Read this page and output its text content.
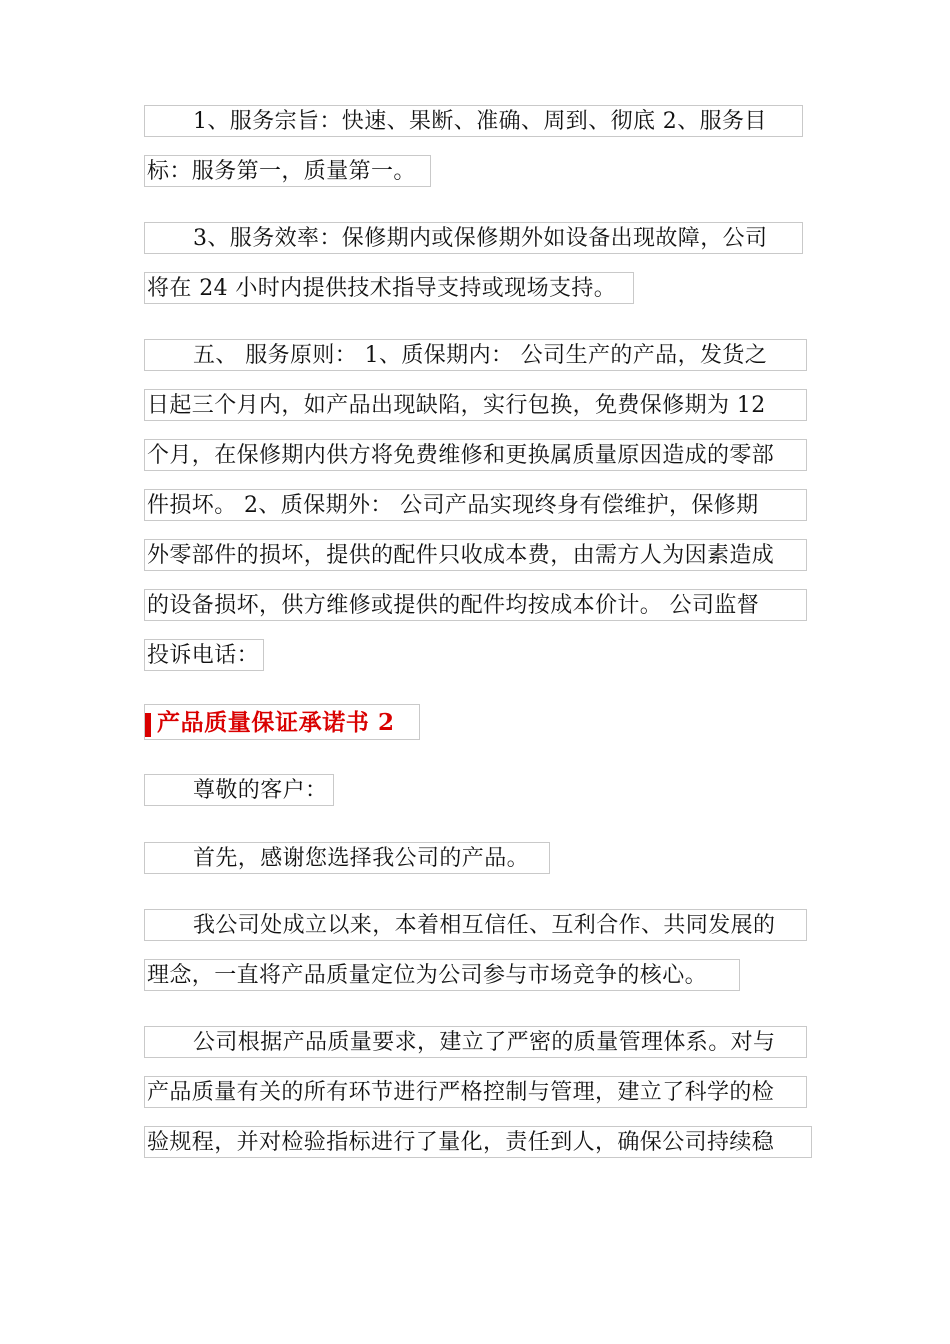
1、服务宗旨：快速、果断、准确、周到、彻底 2、服务目
标：服务第一，质量第一。
3、服务效率：保修期内或保修期外如设备出现故障，公司
将在 24 小时内提供技术指导支持或现场支持。
五、 服务原则： 1、质保期内： 公司生产的产品，发货之
日起三个月内，如产品出现缺陷，实行包换，免费保修期为 12
个月，在保修期内供方将免费维修和更换属质量原因造成的零部
件损坏。 2、质保期外： 公司产品实现终身有偿维护，保修期
外零部件的损坏，提供的配件只收成本费，由需方人为因素造成
的设备损坏，供方维修或提供的配件均按成本价计。 公司监督
投诉电话：
产品质量保证承诺书 2
尊敬的客户：
首先，感谢您选择我公司的产品。
我公司处成立以来，本着相互信任、互利合作、共同发展的
理念，一直将产品质量定位为公司参与市场竞争的核心。
公司根据产品质量要求，建立了严密的质量管理体系。对与
产品质量有关的所有环节进行严格控制与管理，建立了科学的检
验规程，并对检验指标进行了量化，责任到人，确保公司持续稳
